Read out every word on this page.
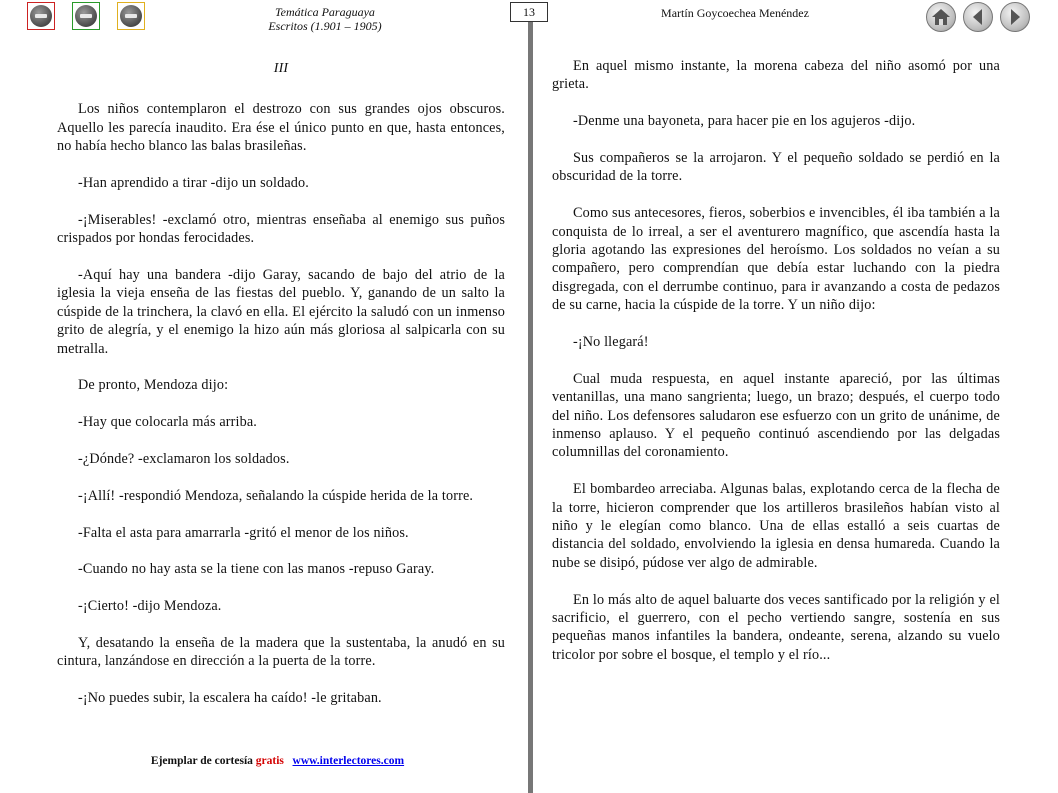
Temática Paraguaya
Escritos (1.901 – 1905)
13	Martín Goycoechea Menéndez

III

Los niños contemplaron el destrozo con sus grandes ojos obscuros. Aquello les parecía inaudito. Era ése el único punto en que, hasta entonces, no había hecho blanco las balas brasileñas.

-Han aprendido a tirar -dijo un soldado.

-¡Miserables! -exclamó otro, mientras enseñaba al enemigo sus puños crispados por hondas ferocidades.

-Aquí hay una bandera -dijo Garay, sacando de bajo del atrio de la iglesia la vieja enseña de las fiestas del pueblo. Y, ganando de un salto la cúspide de la trinchera, la clavó en ella. El ejército la saludó con un inmenso grito de alegría, y el enemigo la hizo aún más gloriosa al salpicarla con su metralla.

De pronto, Mendoza dijo:

-Hay que colocarla más arriba.

-¿Dónde? -exclamaron los soldados.

-¡Allí! -respondió Mendoza, señalando la cúspide herida de la torre.

-Falta el asta para amarrarla -gritó el menor de los niños.

-Cuando no hay asta se la tiene con las manos -repuso Garay.

-¡Cierto! -dijo Mendoza.

Y, desatando la enseña de la madera que la sustentaba, la anudó en su cintura, lanzándose en dirección a la puerta de la torre.

-¡No puedes subir, la escalera ha caído! -le gritaban.

En aquel mismo instante, la morena cabeza del niño asomó por una grieta.

-Denme una bayoneta, para hacer pie en los agujeros -dijo.

Sus compañeros se la arrojaron. Y el pequeño soldado se perdió en la obscuridad de la torre.

Como sus antecesores, fieros, soberbios e invencibles, él iba también a la conquista de lo irreal, a ser el aventurero magnífico, que ascendía hasta la gloria agotando las expresiones del heroísmo. Los soldados no veían a su compañero, pero comprendían que debía estar luchando con la piedra disgregada, con el derrumbe continuo, para ir avanzando a costa de pedazos de su carne, hacia la cúspide de la torre. Y un niño dijo:

-¡No llegará!

Cual muda respuesta, en aquel instante apareció, por las últimas ventanillas, una mano sangrienta; luego, un brazo; después, el cuerpo todo del niño. Los defensores saludaron ese esfuerzo con un grito de unánime, de inmenso aplauso. Y el pequeño continuó ascendiendo por las delgadas columnillas del coronamiento.

El bombardeo arreciaba. Algunas balas, explotando cerca de la flecha de la torre, hicieron comprender que los artilleros brasileños habían visto al niño y le elegían como blanco. Una de ellas estalló a seis cuartas de distancia del soldado, envolviendo la iglesia en densa humareda. Cuando la nube se disipó, púdose ver algo de admirable.

En lo más alto de aquel baluarte dos veces santificado por la religión y el sacrificio, el guerrero, con el pecho vertiendo sangre, sostenía en sus pequeñas manos infantiles la bandera, ondeante, serena, alzando su vuelo tricolor por sobre el bosque, el templo y el río...

Ejemplar de cortesía gratis www.interlectores.com
